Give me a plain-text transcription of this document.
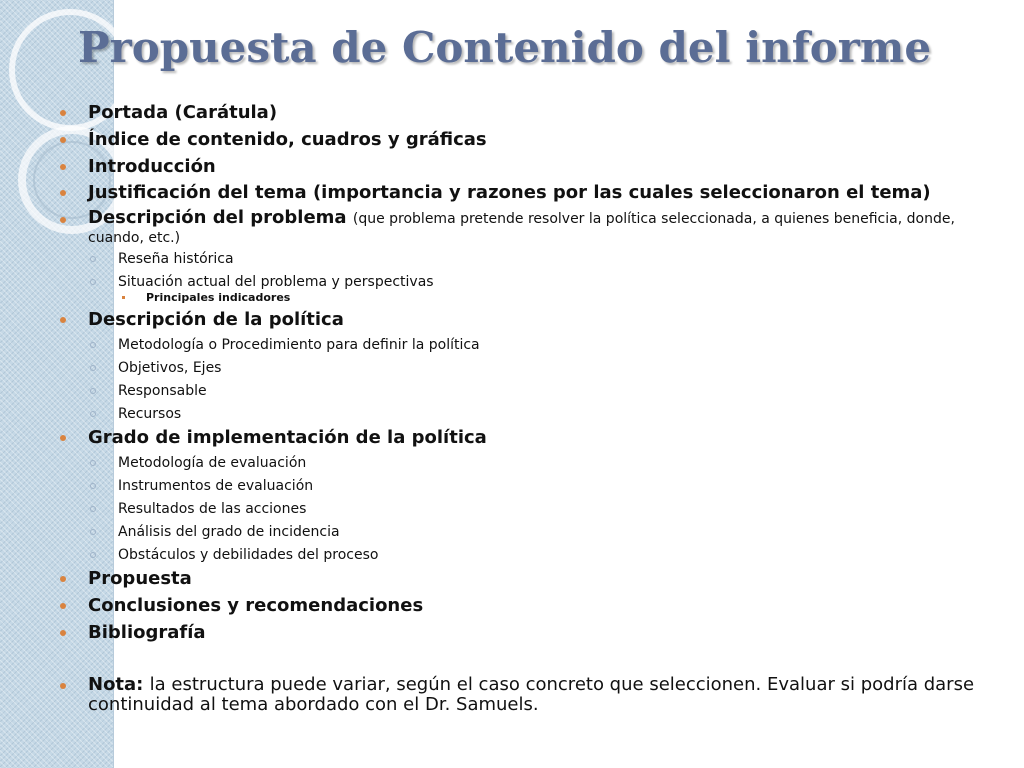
Propuesta de Contenido del informe
Portada (Carátula)
Índice de contenido, cuadros y gráficas
Introducción
Justificación del tema (importancia y razones por las cuales seleccionaron el tema)
Descripción del problema (que problema pretende resolver la política seleccionada, a quienes beneficia, donde, cuando, etc.)
Reseña histórica
Situación actual del problema y perspectivas
Principales indicadores
Descripción de la política
Metodología o Procedimiento para definir la política
Objetivos, Ejes
Responsable
Recursos
Grado de implementación de la política
Metodología de evaluación
Instrumentos de evaluación
Resultados de las acciones
Análisis del grado de incidencia
Obstáculos y debilidades del proceso
Propuesta
Conclusiones y recomendaciones
Bibliografía
Nota: la estructura puede variar, según el caso concreto que seleccionen. Evaluar si podría darse continuidad al tema abordado con el Dr. Samuels.
